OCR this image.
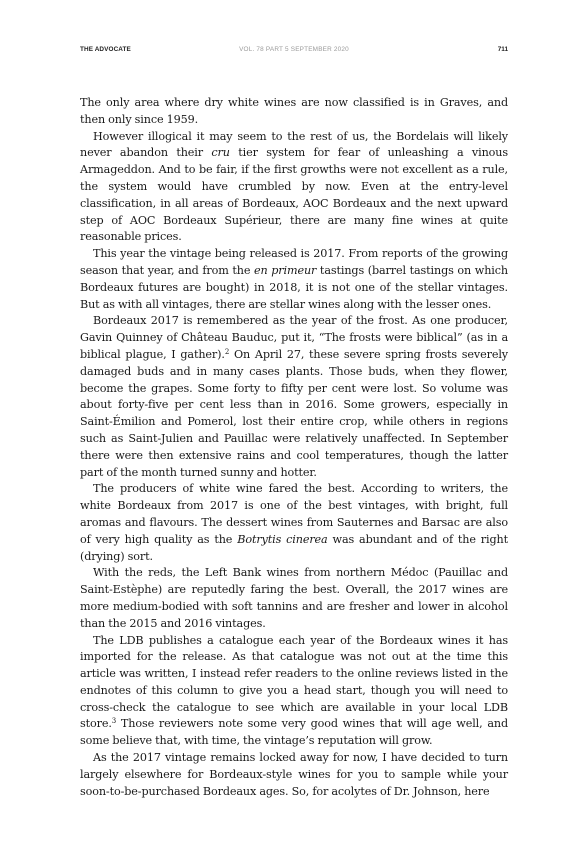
THE ADVOCATE	VOL. 78 PART 5 SEPTEMBER 2020	711

The only area where dry white wines are now classified is in Graves, and then only since 1959.

However illogical it may seem to the rest of us, the Bordelais will likely never abandon their cru tier system for fear of unleashing a vinous Armageddon. And to be fair, if the first growths were not excellent as a rule, the system would have crumbled by now. Even at the entry-level classification, in all areas of Bordeaux, AOC Bordeaux and the next upward step of AOC Bordeaux Supérieur, there are many fine wines at quite reasonable prices.

This year the vintage being released is 2017. From reports of the growing season that year, and from the en primeur tastings (barrel tastings on which Bordeaux futures are bought) in 2018, it is not one of the stellar vintages. But as with all vintages, there are stellar wines along with the lesser ones.

Bordeaux 2017 is remembered as the year of the frost. As one producer, Gavin Quinney of Château Bauduc, put it, “The frosts were biblical” (as in a biblical plague, I gather).$^2$ On April 27, these severe spring frosts severely damaged buds and in many cases plants. Those buds, when they flower, become the grapes. Some forty to fifty per cent were lost. So volume was about forty-five per cent less than in 2016. Some growers, especially in Saint-Émilion and Pomerol, lost their entire crop, while others in regions such as Saint-Julien and Pauillac were relatively unaffected. In September there were then extensive rains and cool temperatures, though the latter part of the month turned sunny and hotter.

The producers of white wine fared the best. According to writers, the white Bordeaux from 2017 is one of the best vintages, with bright, full aromas and flavours. The dessert wines from Sauternes and Barsac are also of very high quality as the Botrytis cinerea was abundant and of the right (drying) sort.

With the reds, the Left Bank wines from northern Médoc (Pauillac and Saint-Estèphe) are reputedly faring the best. Overall, the 2017 wines are more medium-bodied with soft tannins and are fresher and lower in alcohol than the 2015 and 2016 vintages.

The LDB publishes a catalogue each year of the Bordeaux wines it has imported for the release. As that catalogue was not out at the time this article was written, I instead refer readers to the online reviews listed in the endnotes of this column to give you a head start, though you will need to cross-check the catalogue to see which are available in your local LDB store.$^3$ Those reviewers note some very good wines that will age well, and some believe that, with time, the vintage’s reputation will grow.

As the 2017 vintage remains locked away for now, I have decided to turn largely elsewhere for Bordeaux-style wines for you to sample while your soon-to-be-purchased Bordeaux ages. So, for acolytes of Dr. Johnson, here
